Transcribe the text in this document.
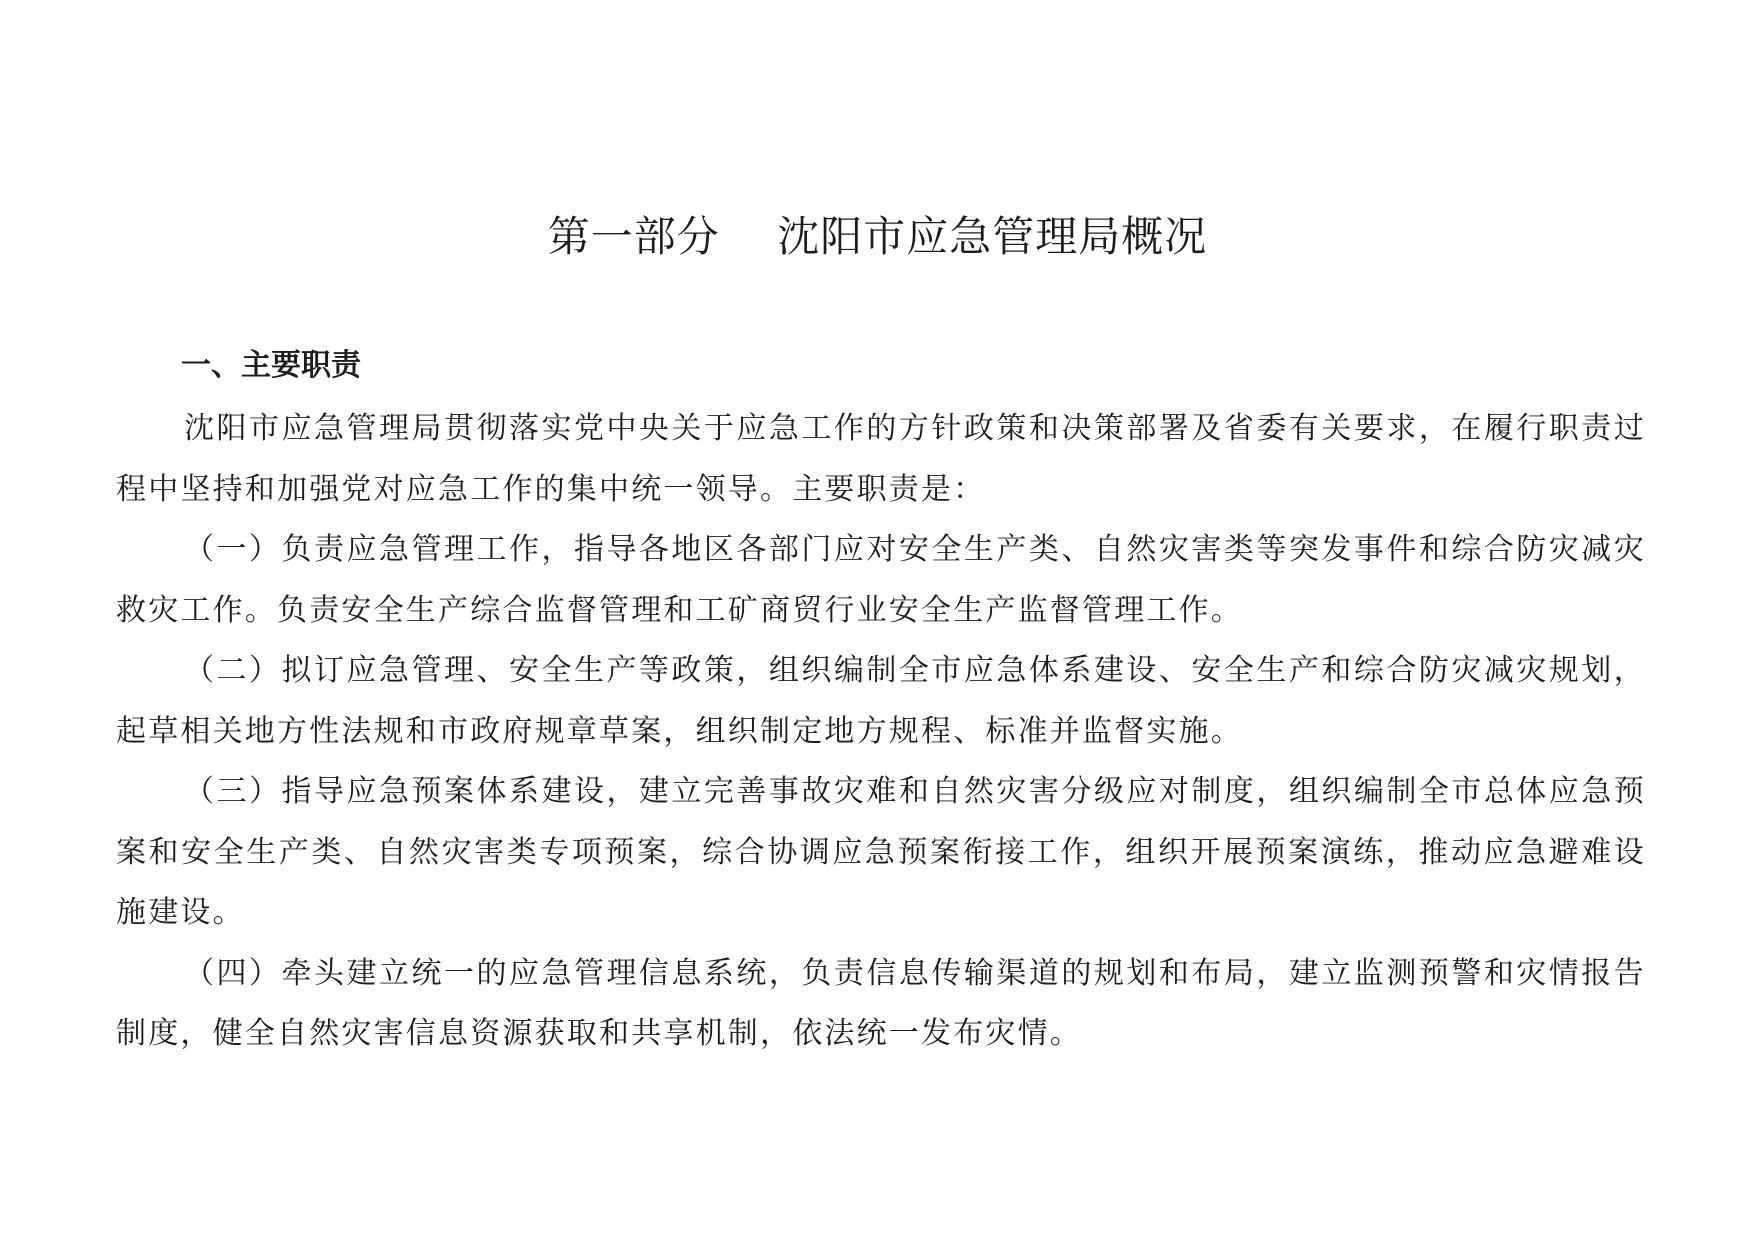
第一部分    沈阳市应急管理局概况
一、主要职责

沈阳市应急管理局贯彻落实党中央关于应急工作的方针政策和决策部署及省委有关要求，在履行职责过程中坚持和加强党对应急工作的集中统一领导。主要职责是：

（一）负责应急管理工作，指导各地区各部门应对安全生产类、自然灾害类等突发事件和综合防灾减灾救灾工作。负责安全生产综合监督管理和工矿商贸行业安全生产监督管理工作。

（二）拟订应急管理、安全生产等政策，组织编制全市应急体系建设、安全生产和综合防灾减灾规划，起草相关地方性法规和市政府规章草案，组织制定地方规程、标准并监督实施。

（三）指导应急预案体系建设，建立完善事故灾难和自然灾害分级应对制度，组织编制全市总体应急预案和安全生产类、自然灾害类专项预案，综合协调应急预案衔接工作，组织开展预案演练，推动应急避难设施建设。

（四）牵头建立统一的应急管理信息系统，负责信息传输渠道的规划和布局，建立监测预警和灾情报告制度，健全自然灾害信息资源获取和共享机制，依法统一发布灾情。
